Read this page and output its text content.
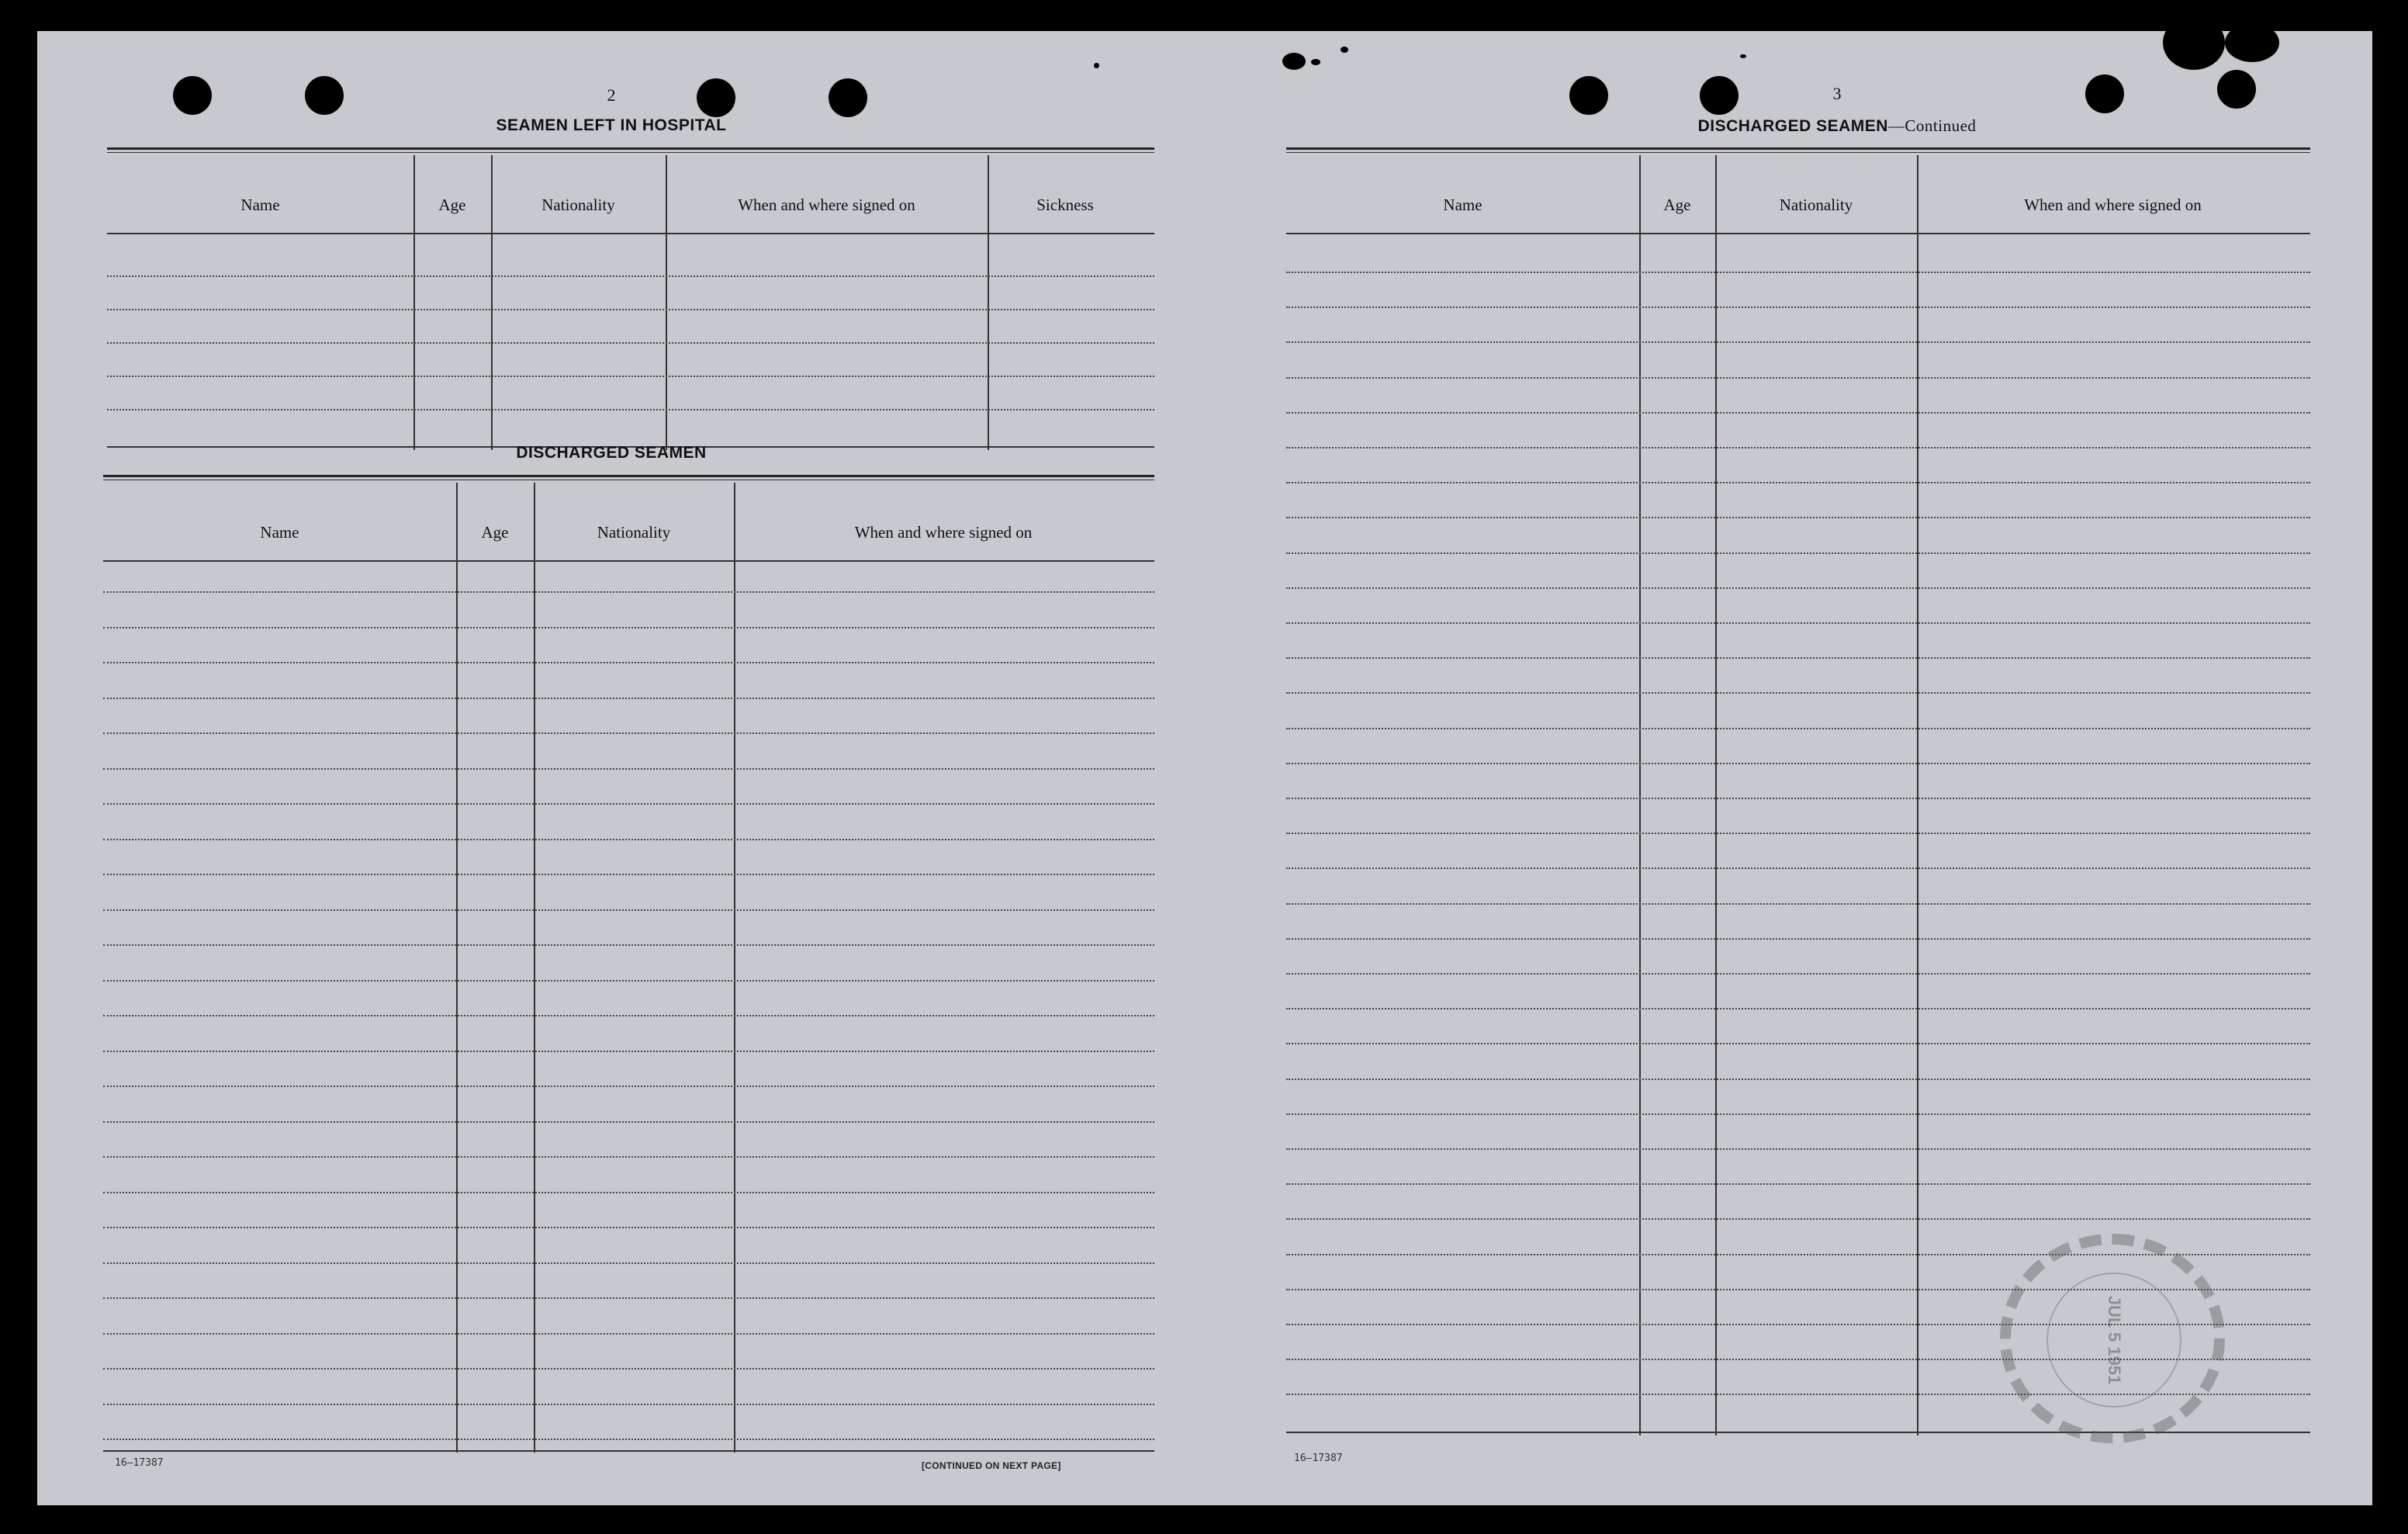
2
SEAMEN LEFT IN HOSPITAL
Name	Age	Nationality	When and where signed on	Sickness
DISCHARGED SEAMEN
Name	Age	Nationality	When and where signed on
16—17387	[CONTINUED ON NEXT PAGE]
3
DISCHARGED SEAMEN—Continued
Name	Age	Nationality	When and where signed on
16—17387
JUL 5 1951
